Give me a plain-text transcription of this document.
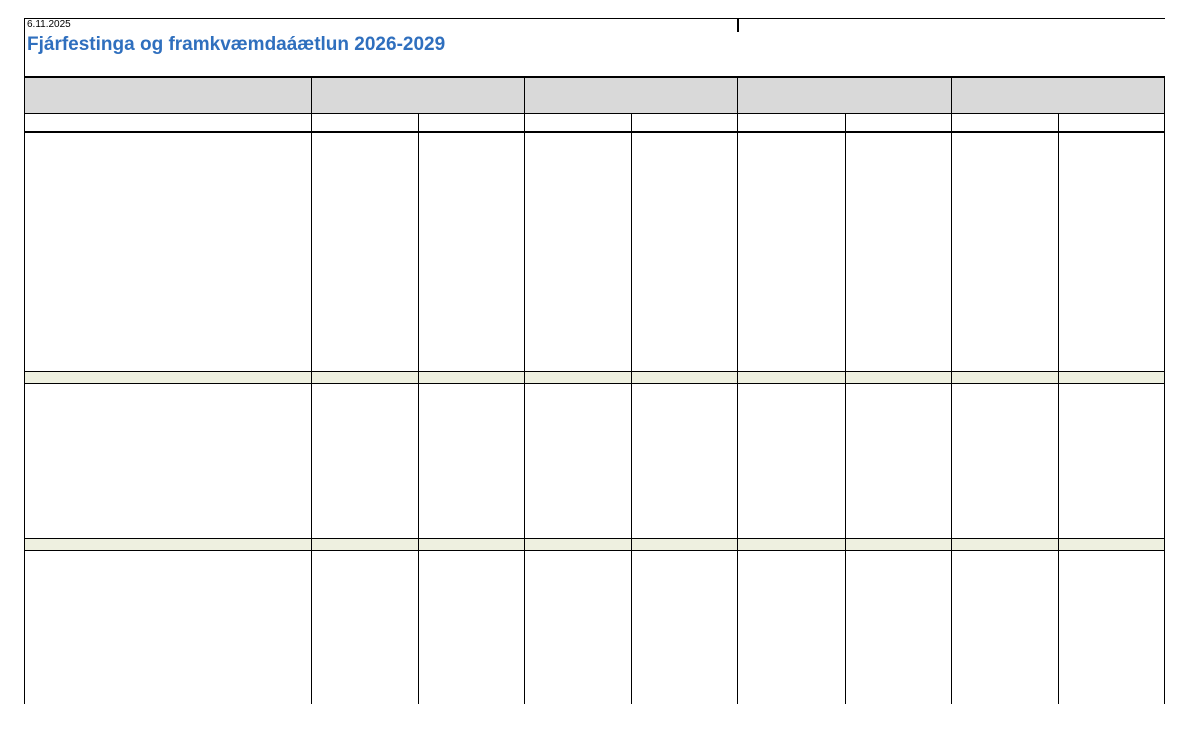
6.11.2025
Fjárfestinga og framkvæmdaáætlun 2026-2029
